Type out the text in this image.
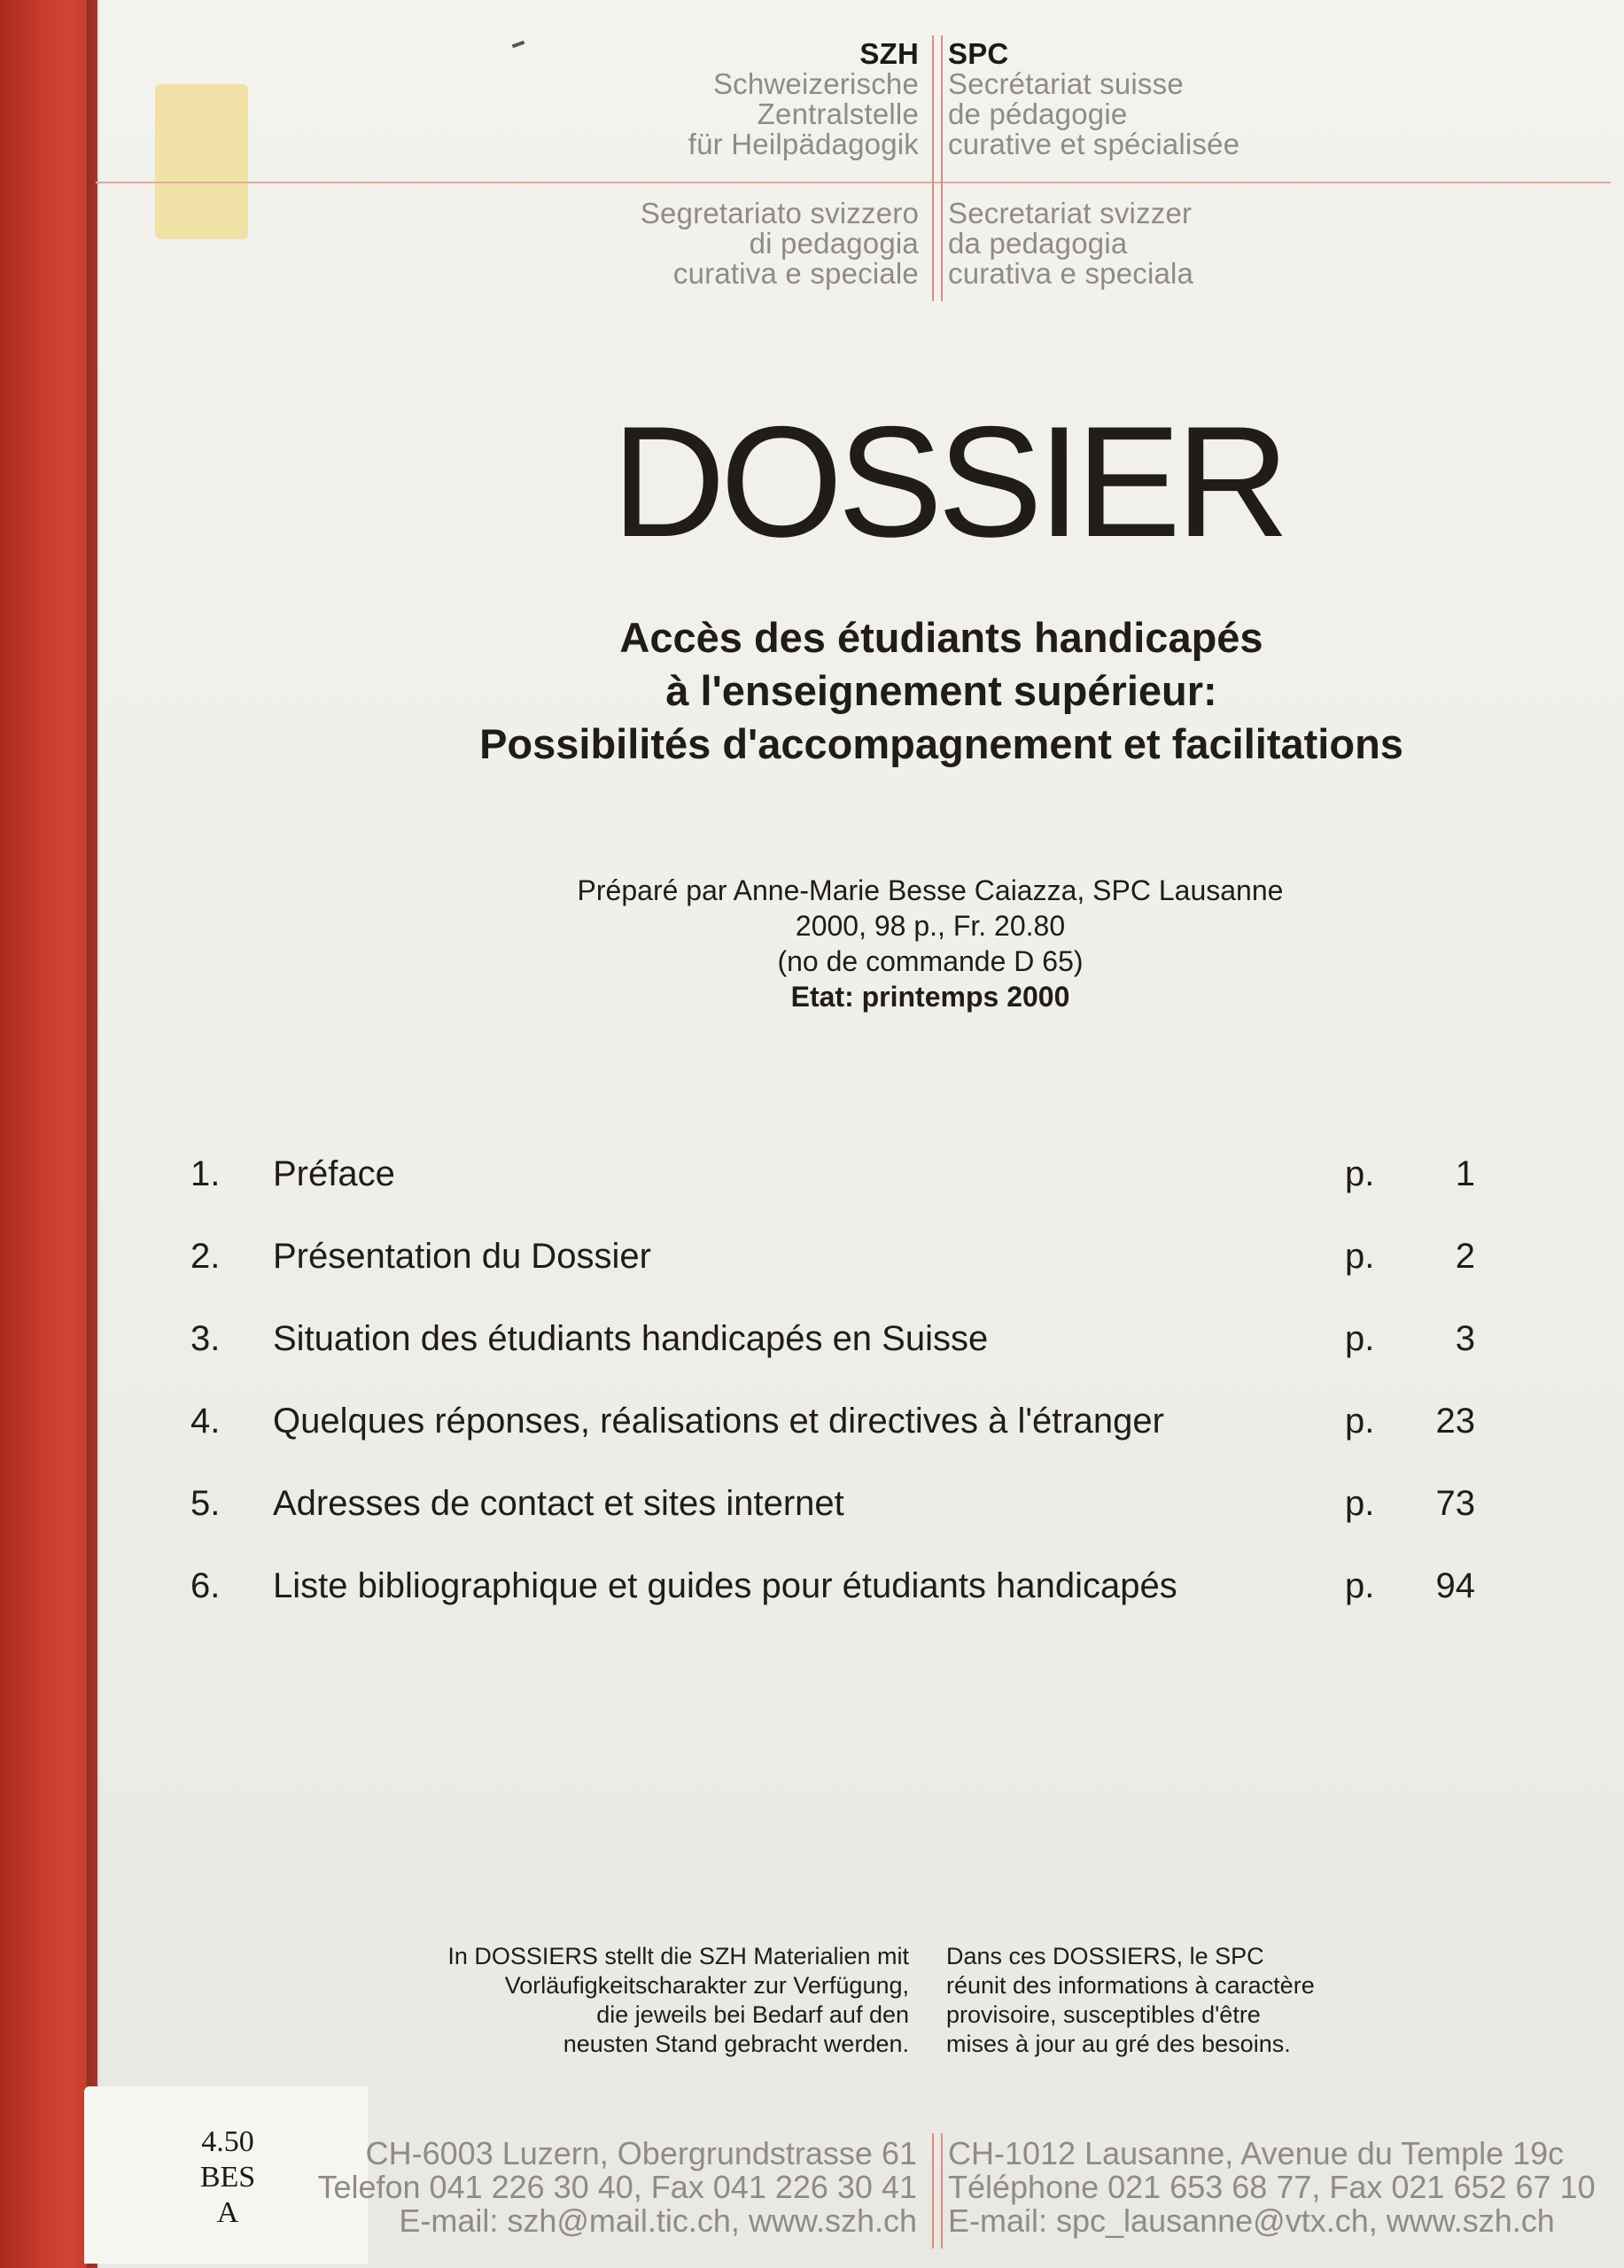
SZH
Schweizerische
Zentralstelle
für Heilpädagogik
SPC
Secrétariat suisse
de pédagogie
curative et spécialisée
Segretariato svizzero
di pedagogia
curativa e speciale
Secretariat svizzer
da pedagogia
curativa e speciala
DOSSIER
Accès des étudiants handicapés
à l'enseignement supérieur:
Possibilités d'accompagnement et facilitations
Préparé par Anne-Marie Besse Caiazza, SPC Lausanne
2000, 98 p., Fr. 20.80
(no de commande D 65)
Etat: printemps 2000
1. Préface	p.	1
2. Présentation du Dossier	p.	2
3. Situation des étudiants handicapés en Suisse	p.	3
4. Quelques réponses, réalisations et directives à l'étranger	p.	23
5. Adresses de contact et sites internet	p.	73
6. Liste bibliographique et guides pour étudiants handicapés	p.	94
In DOSSIERS stellt die SZH Materialien mit
Vorläufigkeitscharakter zur Verfügung,
die jeweils bei Bedarf auf den
neusten Stand gebracht werden.
Dans ces DOSSIERS, le SPC
réunit des informations à caractère
provisoire, susceptibles d'être
mises à jour au gré des besoins.
CH-6003 Luzern, Obergrundstrasse 61
Telefon 041 226 30 40, Fax 041 226 30 41
E-mail: szh@mail.tic.ch, www.szh.ch
CH-1012 Lausanne, Avenue du Temple 19c
Téléphone 021 653 68 77, Fax 021 652 67 10
E-mail: spc_lausanne@vtx.ch, www.szh.ch
4.50
BES
A
